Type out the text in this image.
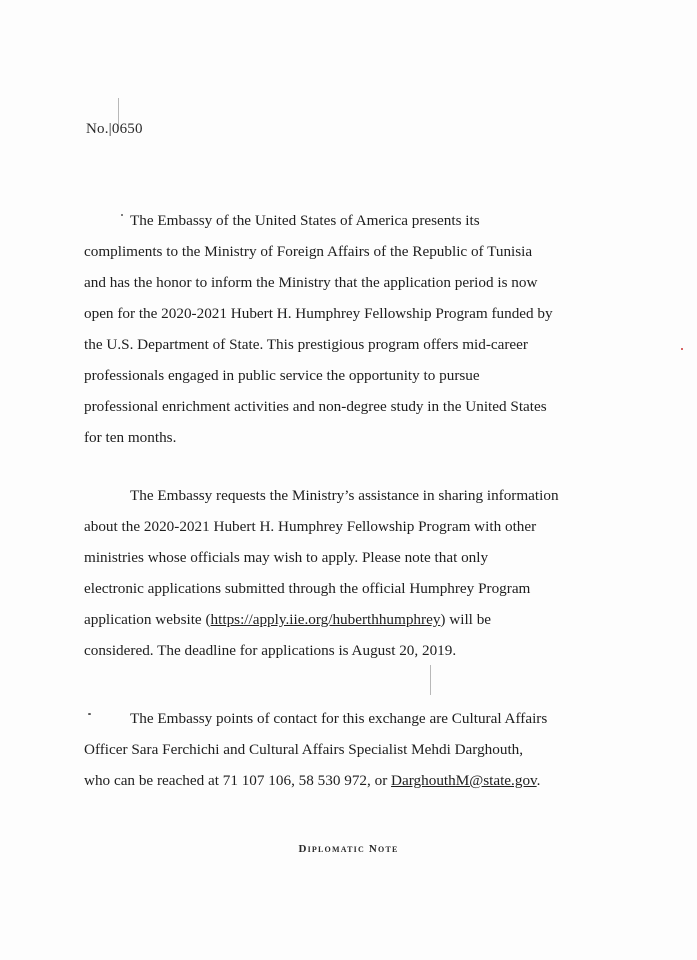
No.|0650

The Embassy of the United States of America presents its
compliments to the Ministry of Foreign Affairs of the Republic of Tunisia
and has the honor to inform the Ministry that the application period is now
open for the 2020-2021 Hubert H. Humphrey Fellowship Program funded by
the U.S. Department of State. This prestigious program offers mid-career
professionals engaged in public service the opportunity to pursue
professional enrichment activities and non-degree study in the United States
for ten months.

The Embassy requests the Ministry’s assistance in sharing information
about the 2020-2021 Hubert H. Humphrey Fellowship Program with other
ministries whose officials may wish to apply. Please note that only
electronic applications submitted through the official Humphrey Program
application website (https://apply.iie.org/huberthhumphrey) will be
considered. The deadline for applications is August 20, 2019.

The Embassy points of contact for this exchange are Cultural Affairs
Officer Sara Ferchichi and Cultural Affairs Specialist Mehdi Darghouth,
who can be reached at 71 107 106, 58 530 972, or DarghouthM@state.gov.

Diplomatic Note
